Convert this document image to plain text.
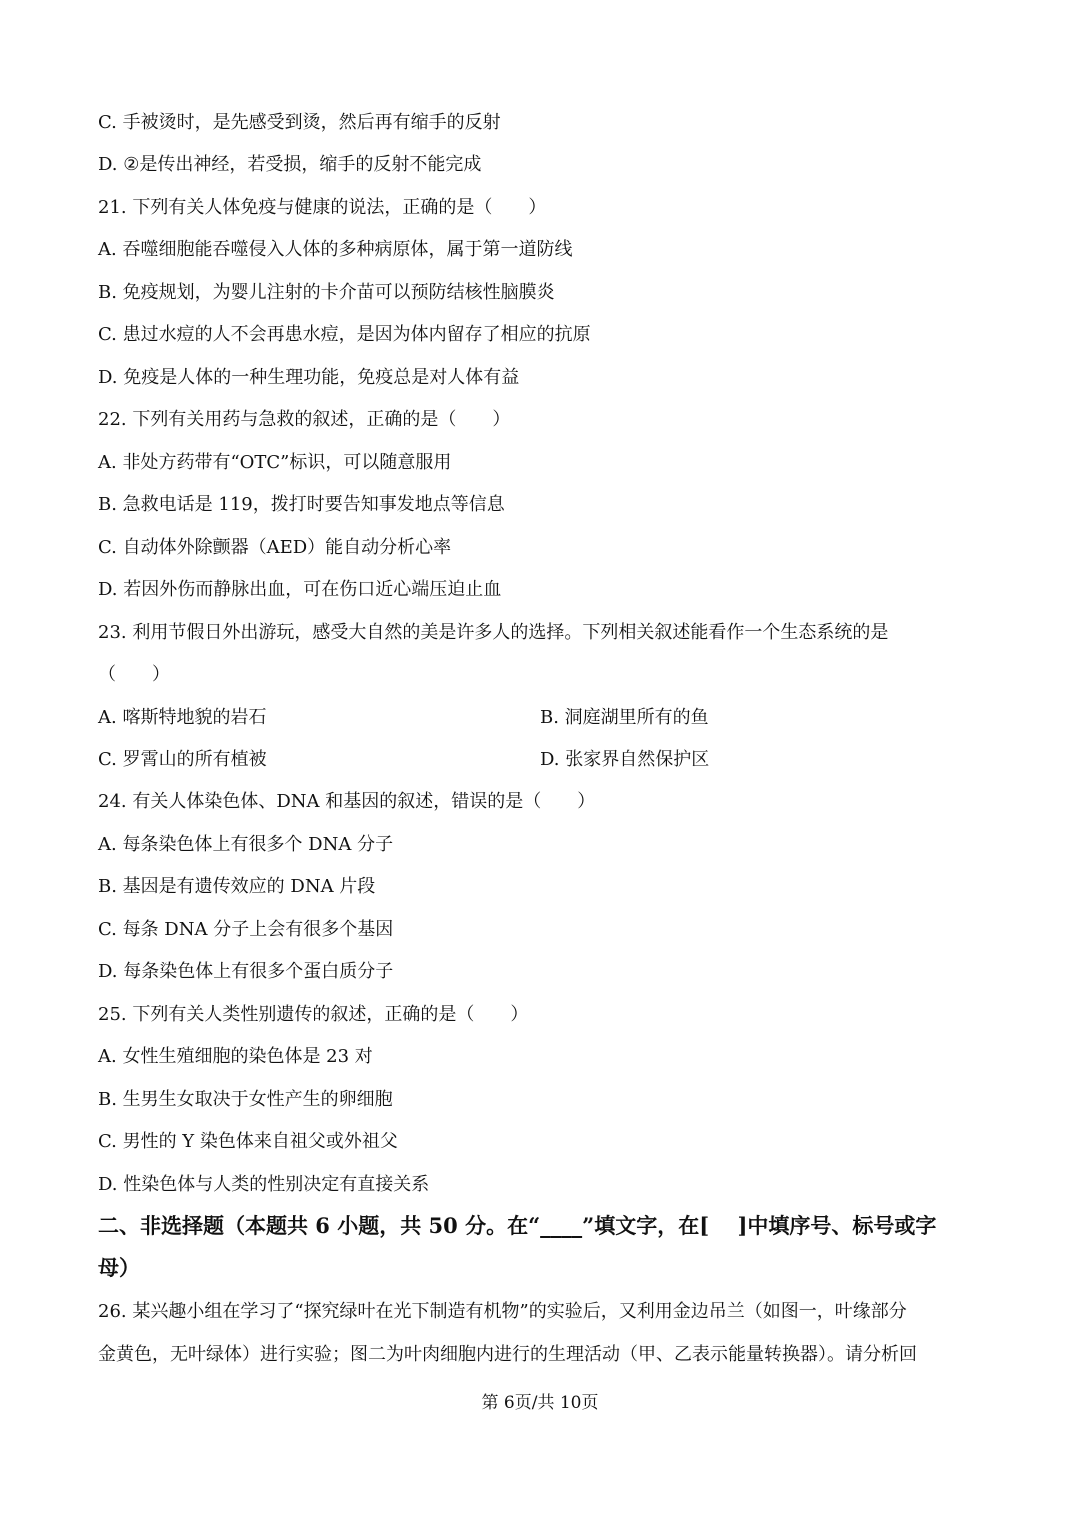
C. 手被烫时，是先感受到烫，然后再有缩手的反射
D. ②是传出神经，若受损，缩手的反射不能完成
21. 下列有关人体免疫与健康的说法，正确的是（　　）
A. 吞噬细胞能吞噬侵入人体的多种病原体，属于第一道防线
B. 免疫规划，为婴儿注射的卡介苗可以预防结核性脑膜炎
C. 患过水痘的人不会再患水痘，是因为体内留存了相应的抗原
D. 免疫是人体的一种生理功能，免疫总是对人体有益
22. 下列有关用药与急救的叙述，正确的是（　　）
A. 非处方药带有“OTC”标识，可以随意服用
B. 急救电话是 119，拨打时要告知事发地点等信息
C. 自动体外除颤器（AED）能自动分析心率
D. 若因外伤而静脉出血，可在伤口近心端压迫止血
23. 利用节假日外出游玩，感受大自然的美是许多人的选择。下列相关叙述能看作一个生态系统的是
（　　）
A. 喀斯特地貌的岩石	B. 洞庭湖里所有的鱼
C. 罗霄山的所有植被	D. 张家界自然保护区
24. 有关人体染色体、DNA 和基因的叙述，错误的是（　　）
A. 每条染色体上有很多个 DNA 分子
B. 基因是有遗传效应的 DNA 片段
C. 每条 DNA 分子上会有很多个基因
D. 每条染色体上有很多个蛋白质分子
25. 下列有关人类性别遗传的叙述，正确的是（　　）
A. 女性生殖细胞的染色体是 23 对
B. 生男生女取决于女性产生的卵细胞
C. 男性的 Y 染色体来自祖父或外祖父
D. 性染色体与人类的性别决定有直接关系
二、非选择题（本题共 6 小题，共 50 分。在“____”填文字，在[　 ]中填序号、标号或字
母）
26. 某兴趣小组在学习了“探究绿叶在光下制造有机物”的实验后，又利用金边吊兰（如图一，叶缘部分
金黄色，无叶绿体）进行实验；图二为叶肉细胞内进行的生理活动（甲、乙表示能量转换器）。请分析回
第 6页/共 10页
